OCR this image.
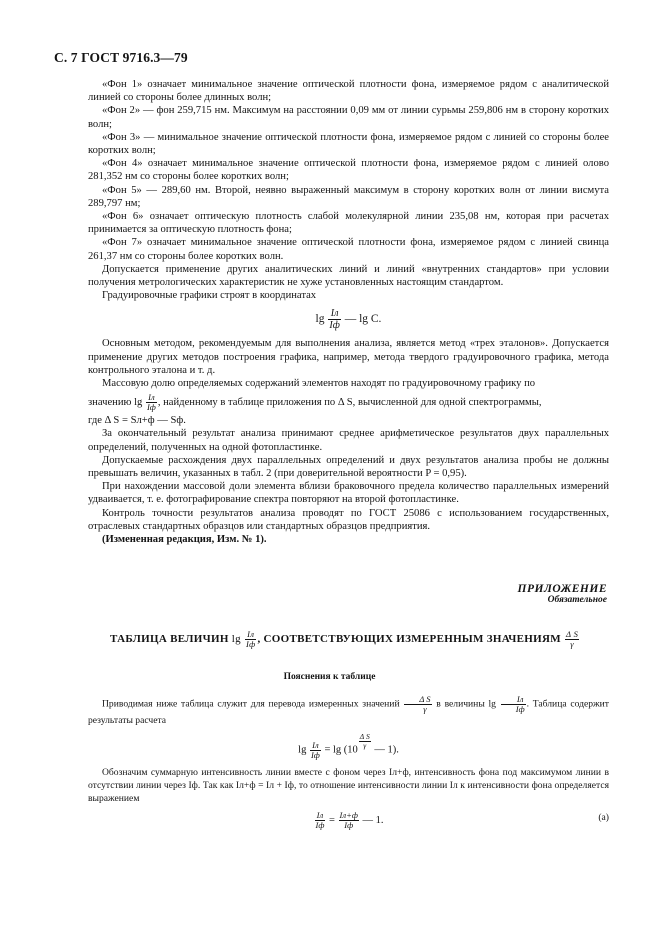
С. 7 ГОСТ 9716.3—79

«Фон 1» означает минимальное значение оптической плотности фона, измеряемое рядом с аналитической линией со стороны более длинных волн;

«Фон 2» — фон 259,715 нм. Максимум на расстоянии 0,09 мм от линии сурьмы 259,806 нм в сторону коротких волн;

«Фон 3» — минимальное значение оптической плотности фона, измеряемое рядом с линией со стороны более коротких волн;

«Фон 4» означает минимальное значение оптической плотности фона, измеряемое рядом с линией олово 281,352 нм со стороны более коротких волн;

«Фон 5» — 289,60 нм. Второй, неявно выраженный максимум в сторону коротких волн от линии висмута 289,797 нм;

«Фон 6» означает оптическую плотность слабой молекулярной линии 235,08 нм, которая при расчетах принимается за оптическую плотность фона;

«Фон 7» означает минимальное значение оптической плотности фона, измеряемое рядом с линией свинца 261,37 нм со стороны более коротких волн.

Допускается применение других аналитических линий и линий «внутренних стандартов» при условии получения метрологических характеристик не хуже установленных настоящим стандартом.

Градуировочные графики строят в координатах

$\lg \frac{Iл}{Iф}$ — lg C.

Основным методом, рекомендуемым для выполнения анализа, является метод «трех эталонов». Допускается применение других методов построения графика, например, метода твердого градуировочного графика, метода контрольного эталона и т. д.

Массовую долю определяемых содержаний элементов находят по градуировочному графику по

значению $\lg \frac{Iл}{Iф}$ , найденному в таблице приложения по Δ S, вычисленной для одной спектрограммы,

где Δ S = Sл+ф — Sф.

За окончательный результат анализа принимают среднее арифметическое результатов двух параллельных определений, полученных на одной фотопластинке.

Допускаемые расхождения двух параллельных определений и двух результатов анализа пробы не должны превышать величин, указанных в табл. 2 (при доверительной вероятности P = 0,95).

При нахождении массовой доли элемента вблизи браковочного предела количество параллельных измерений удваивается, т. е. фотографирование спектра повторяют на второй фотопластинке.

Контроль точности результатов анализа проводят по ГОСТ 25086 с использованием государственных, отраслевых стандартных образцов или стандартных образцов предприятия.

(Измененная редакция, Изм. № 1).

ПРИЛОЖЕНИЕ
Обязательное
ТАБЛИЦА ВЕЛИЧИН $\lg \frac{Iл}{Iф}$ , СООТВЕТСТВУЮЩИХ ИЗМЕРЕННЫМ ЗНАЧЕНИЯМ $\frac{\text{Δ S}}{\gamma}$
Пояснения к таблице

Приводимая ниже таблица служит для перевода измеренных значений $\frac{\text{Δ S}}{\gamma}$ в величины $\lg \frac{Iл}{Iф}$ . Таблица содержит результаты расчета

$\lg \frac{Iл}{Iф} = \lg (10 \frac{\text{Δ S}}{\gamma}$ — 1).

Обозначим суммарную интенсивность линии вместе с фоном через Iл+ф, интенсивность фона под максимумом линии в отсутствии линии через Iф. Так как Iл+ф = Iл + Iф, то отношение интенсивности линии Iл к интенсивности фона определяется выражением

$\frac{Iл}{Iф} = \frac{Iл+ф}{Iф}$ — 1.	(a)
